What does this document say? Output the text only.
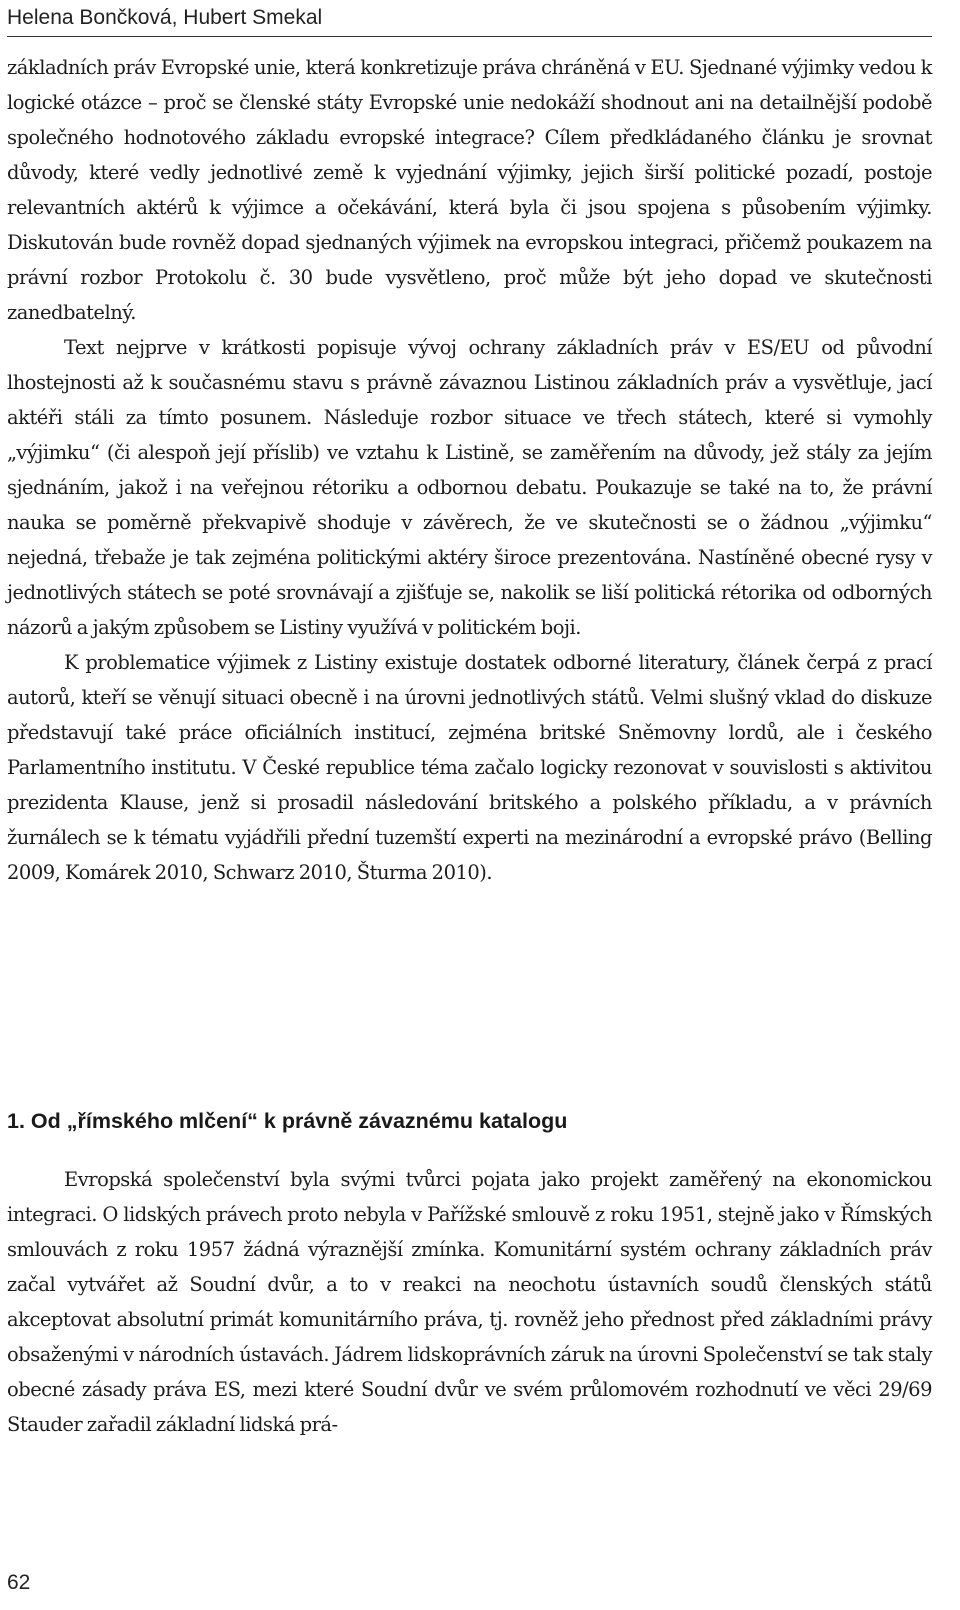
Helena Bončková, Hubert Smekal

základních práv Evropské unie, která konkretizuje práva chráněná v EU. Sjednané výjimky vedou k logické otázce – proč se členské státy Evropské unie nedokáží shodnout ani na detailnější podobě společného hodnotového základu evropské integrace? Cílem předkládaného článku je srovnat důvody, které vedly jednotlivé země k vyjednání výjimky, jejich širší politické pozadí, postoje relevantních aktérů k výjimce a očekávání, která byla či jsou spojena s působením výjimky. Diskutován bude rovněž dopad sjednaných výjimek na evropskou integraci, přičemž poukazem na právní rozbor Protokolu č. 30 bude vysvětleno, proč může být jeho dopad ve skutečnosti zanedbatelný.

Text nejprve v krátkosti popisuje vývoj ochrany základních práv v ES/EU od původní lhostejnosti až k současnému stavu s právně závaznou Listinou základních práv a vysvětluje, jací aktéři stáli za tímto posunem. Následuje rozbor situace ve třech státech, které si vymohly „výjimku“ (či alespoň její příslib) ve vztahu k Listině, se zaměřením na důvody, jež stály za jejím sjednáním, jakož i na veřejnou rétoriku a odbornou debatu. Poukazuje se také na to, že právní nauka se poměrně překvapivě shoduje v závěrech, že ve skutečnosti se o žádnou „výjimku“ nejedná, třebaže je tak zejména politickými aktéry široce prezentována. Nastíněné obecné rysy v jednotlivých státech se poté srovnávají a zjišťuje se, nakolik se liší politická rétorika od odborných názorů a jakým způsobem se Listiny využívá v politickém boji.

K problematice výjimek z Listiny existuje dostatek odborné literatury, článek čerpá z prací autorů, kteří se věnují situaci obecně i na úrovni jednotlivých států. Velmi slušný vklad do diskuze představují také práce oficiálních institucí, zejména britské Sněmovny lordů, ale i českého Parlamentního institutu. V České republice téma začalo logicky rezonovat v souvislosti s aktivitou prezidenta Klause, jenž si prosadil následování britského a polského příkladu, a v právních žurnálech se k tématu vyjádřili přední tuzemští experti na mezinárodní a evropské právo (Belling 2009, Komárek 2010, Schwarz 2010, Šturma 2010).

1. Od „římského mlčení“ k právně závaznému katalogu

Evropská společenství byla svými tvůrci pojata jako projekt zaměřený na ekonomickou integraci. O lidských právech proto nebyla v Pařížské smlouvě z roku 1951, stejně jako v Římských smlouvách z roku 1957 žádná výraznější zmínka. Komunitární systém ochrany základních práv začal vytvářet až Soudní dvůr, a to v reakci na neochotu ústavních soudů členských států akceptovat absolutní primát komunitárního práva, tj. rovněž jeho přednost před základními právy obsaženými v národních ústavách. Jádrem lidskoprávních záruk na úrovni Společenství se tak staly obecné zásady práva ES, mezi které Soudní dvůr ve svém průlomovém rozhodnutí ve věci 29/69 Stauder zařadil základní lidská prá-

62
